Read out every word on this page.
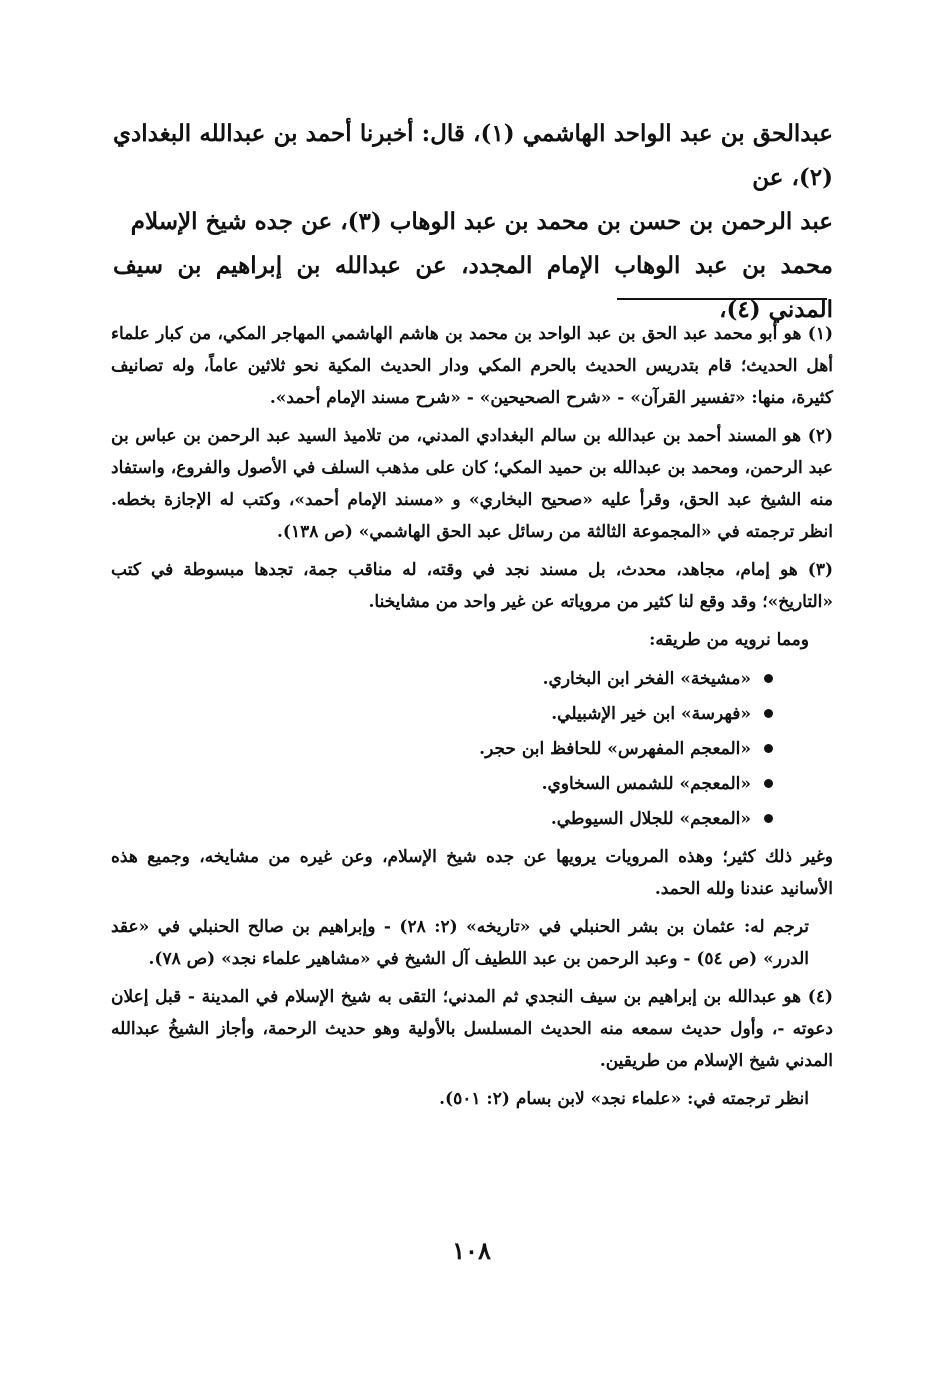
عبدالحق بن عبد الواحد الهاشمي (١)، قال: أخبرنا أحمد بن عبدالله البغدادي (٢)، عن

عبد الرحمن بن حسن بن محمد بن عبد الوهاب (٣)، عن جده شيخ الإسلام

محمد بن عبد الوهاب الإمام المجدد، عن عبدالله بن إبراهيم بن سيف المدني (٤)،

(١) هو أبو محمد عبد الحق بن عبد الواحد بن محمد بن هاشم الهاشمي المهاجر المكي، من كبار علماء أهل الحديث؛ قام بتدريس الحديث بالحرم المكي ودار الحديث المكية نحو ثلاثين عاماً، وله تصانيف كثيرة، منها: «تفسير القرآن» - «شرح الصحيحين» - «شرح مسند الإمام أحمد».

(٢) هو المسند أحمد بن عبدالله بن سالم البغدادي المدني، من تلاميذ السيد عبد الرحمن بن عباس بن عبد الرحمن، ومحمد بن عبدالله بن حميد المكي؛ كان على مذهب السلف في الأصول والفروع، واستفاد منه الشيخ عبد الحق، وقرأ عليه «صحيح البخاري» و «مسند الإمام أحمد»، وكتب له الإجازة بخطه. انظر ترجمته في «المجموعة الثالثة من رسائل عبد الحق الهاشمي» (ص ١٣٨).

(٣) هو إمام، مجاهد، محدث، بل مسند نجد في وقته، له مناقب جمة، تجدها مبسوطة في كتب «التاريخ»؛ وقد وقع لنا كثير من مروياته عن غير واحد من مشايخنا.

ومما نرويه من طريقه:

«مشيخة» الفخر ابن البخاري.
«فهرسة» ابن خير الإشبيلي.
«المعجم المفهرس» للحافظ ابن حجر.
«المعجم» للشمس السخاوي.
«المعجم» للجلال السيوطي.

وغير ذلك كثير؛ وهذه المرويات يرويها عن جده شيخ الإسلام، وعن غيره من مشايخه، وجميع هذه الأسانيد عندنا ولله الحمد.

ترجم له: عثمان بن بشر الحنبلي في «تاريخه» (٢: ٢٨) - وإبراهيم بن صالح الحنبلي في «عقد الدرر» (ص ٥٤) - وعبد الرحمن بن عبد اللطيف آل الشيخ في «مشاهير علماء نجد» (ص ٧٨).

(٤) هو عبدالله بن إبراهيم بن سيف النجدي ثم المدني؛ التقى به شيخ الإسلام في المدينة - قبل إعلان دعوته -، وأول حديث سمعه منه الحديث المسلسل بالأولية وهو حديث الرحمة، وأجاز الشيخُ عبدالله المدني شيخ الإسلام من طريقين.

انظر ترجمته في: «علماء نجد» لابن بسام (٢: ٥٠١).

١٠٨
